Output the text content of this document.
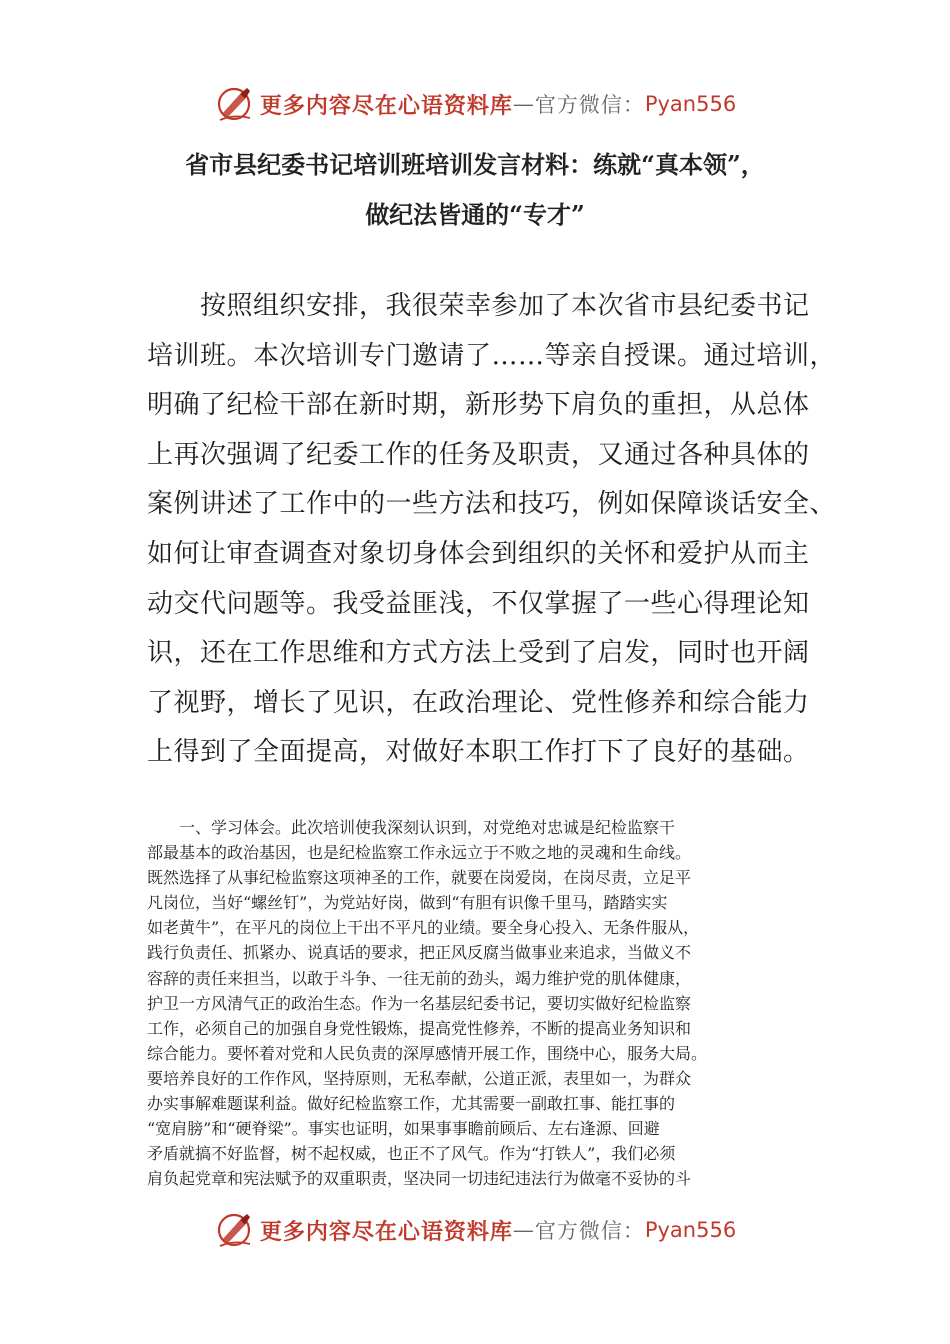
更多内容尽在心语资料库 — 官方微信： Pyan556
省市县纪委书记培训班培训发言材料：练就“真本领”，
做纪法皆通的“专才”
　　按照组织安排，我很荣幸参加了本次省市县纪委书记
培训班。本次培训专门邀请了……等亲自授课。通过培训，
明确了纪检干部在新时期，新形势下肩负的重担，从总体
上再次强调了纪委工作的任务及职责，又通过各种具体的
案例讲述了工作中的一些方法和技巧，例如保障谈话安全、
如何让审查调查对象切身体会到组织的关怀和爱护从而主
动交代问题等。我受益匪浅，不仅掌握了一些心得理论知
识，还在工作思维和方式方法上受到了启发，同时也开阔
了视野，增长了见识，在政治理论、党性修养和综合能力
上得到了全面提高，对做好本职工作打下了良好的基础。
　　一、学习体会。此次培训使我深刻认识到，对党绝对忠诚是纪检监察干
部最基本的政治基因，也是纪检监察工作永远立于不败之地的灵魂和生命线。
既然选择了从事纪检监察这项神圣的工作，就要在岗爱岗，在岗尽责，立足平
凡岗位，当好“螺丝钉”，为党站好岗，做到“有胆有识像千里马，踏踏实实
如老黄牛”，在平凡的岗位上干出不平凡的业绩。要全身心投入、无条件服从，
践行负责任、抓紧办、说真话的要求，把正风反腐当做事业来追求，当做义不
容辞的责任来担当，以敢于斗争、一往无前的劲头，竭力维护党的肌体健康，
护卫一方风清气正的政治生态。作为一名基层纪委书记，要切实做好纪检监察
工作，必须自己的加强自身党性锻炼，提高党性修养，不断的提高业务知识和
综合能力。要怀着对党和人民负责的深厚感情开展工作，围绕中心，服务大局。
要培养良好的工作作风，坚持原则，无私奉献，公道正派，表里如一，为群众
办实事解难题谋利益。做好纪检监察工作，尤其需要一副敢扛事、能扛事的
“宽肩膀”和“硬脊梁”。事实也证明，如果事事瞻前顾后、左右逢源、回避
矛盾就搞不好监督，树不起权威，也正不了风气。作为“打铁人”，我们必须
肩负起党章和宪法赋予的双重职责，坚决同一切违纪违法行为做毫不妥协的斗
更多内容尽在心语资料库 — 官方微信： Pyan556
